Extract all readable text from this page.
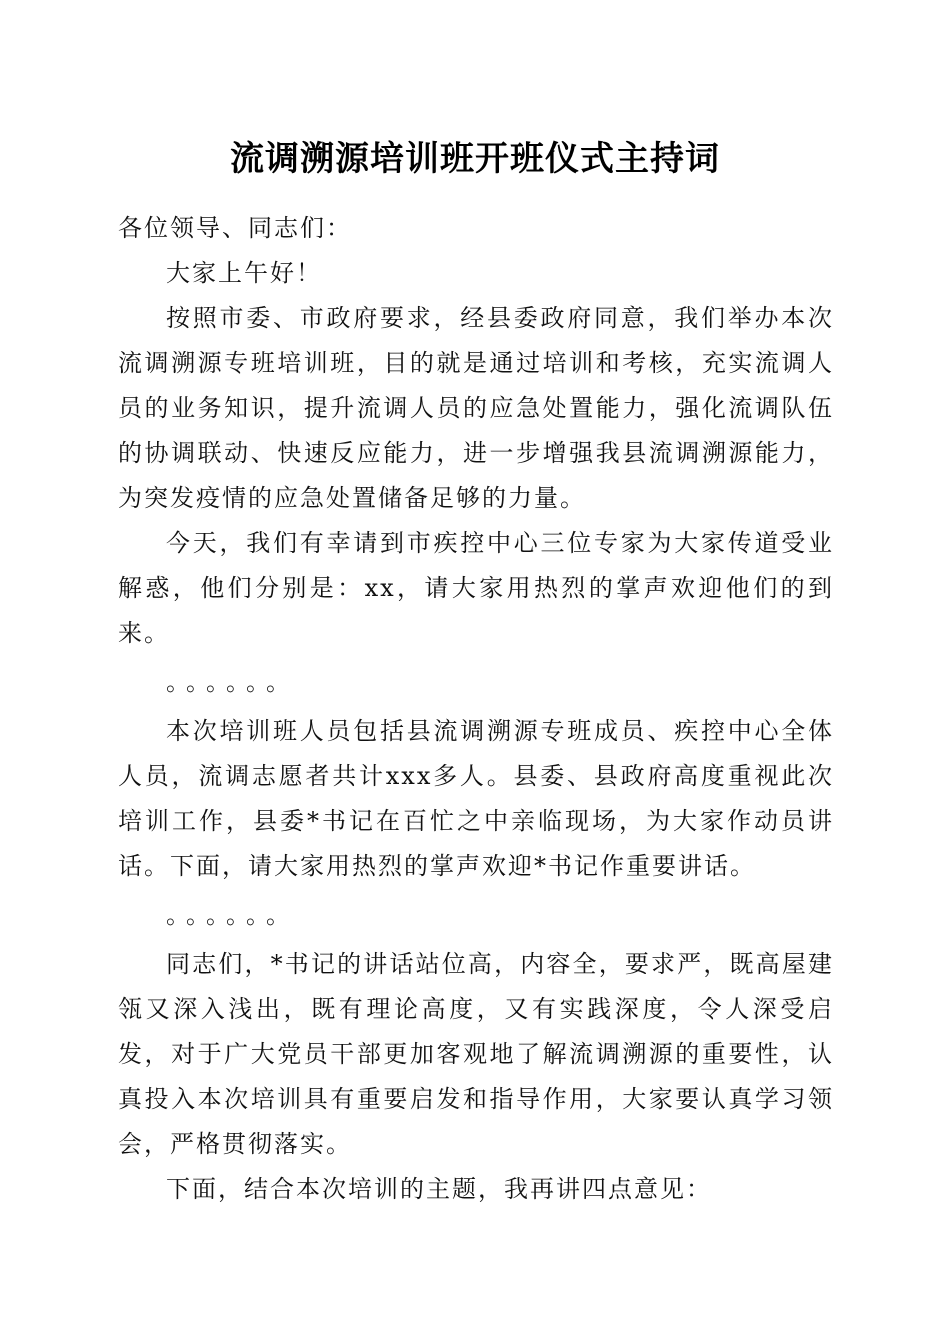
流调溯源培训班开班仪式主持词

各位领导、同志们：

大家上午好！

按照市委、市政府要求，经县委政府同意，我们举办本次流调溯源专班培训班，目的就是通过培训和考核，充实流调人员的业务知识，提升流调人员的应急处置能力，强化流调队伍的协调联动、快速反应能力，进一步增强我县流调溯源能力，为突发疫情的应急处置储备足够的力量。

今天，我们有幸请到市疾控中心三位专家为大家传道受业解惑，他们分别是：xx，请大家用热烈的掌声欢迎他们的到来。

。。。。。。

本次培训班人员包括县流调溯源专班成员、疾控中心全体人员，流调志愿者共计xxx多人。县委、县政府高度重视此次培训工作，县委*书记在百忙之中亲临现场，为大家作动员讲话。下面，请大家用热烈的掌声欢迎*书记作重要讲话。

。。。。。。

同志们，*书记的讲话站位高，内容全，要求严，既高屋建瓴又深入浅出，既有理论高度，又有实践深度，令人深受启发，对于广大党员干部更加客观地了解流调溯源的重要性，认真投入本次培训具有重要启发和指导作用，大家要认真学习领会，严格贯彻落实。

下面，结合本次培训的主题，我再讲四点意见：
